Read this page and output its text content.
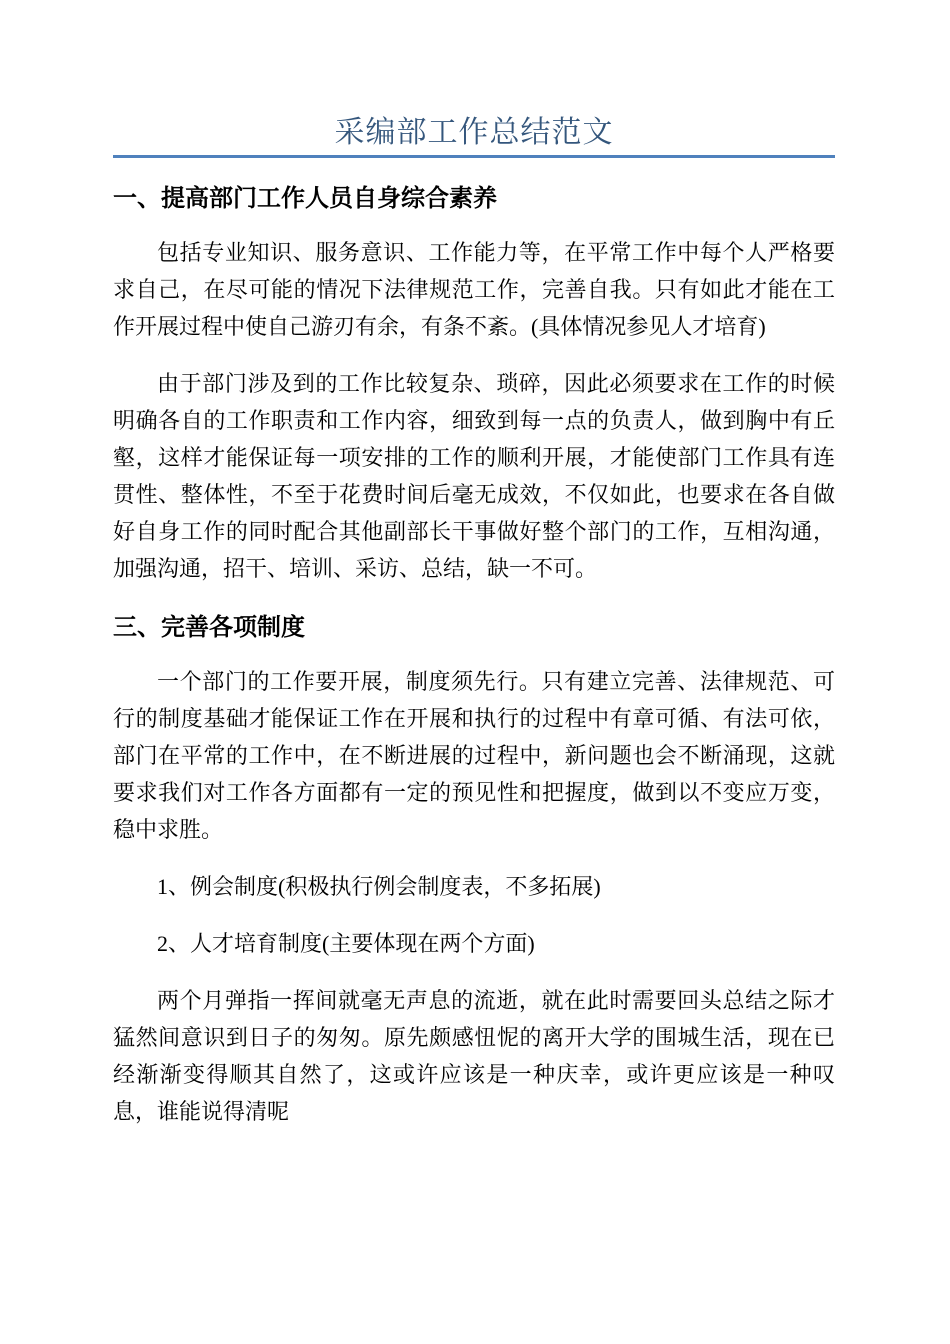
采编部工作总结范文
一、提高部门工作人员自身综合素养

包括专业知识、服务意识、工作能力等，在平常工作中每个人严格要求自己，在尽可能的情况下法律规范工作，完善自我。只有如此才能在工作开展过程中使自己游刃有余，有条不紊。(具体情况参见人才培育)

由于部门涉及到的工作比较复杂、琐碎，因此必须要求在工作的时候明确各自的工作职责和工作内容，细致到每一点的负责人，做到胸中有丘壑，这样才能保证每一项安排的工作的顺利开展，才能使部门工作具有连贯性、整体性，不至于花费时间后毫无成效，不仅如此，也要求在各自做好自身工作的同时配合其他副部长干事做好整个部门的工作，互相沟通，加强沟通，招干、培训、采访、总结，缺一不可。

三、完善各项制度

一个部门的工作要开展，制度须先行。只有建立完善、法律规范、可行的制度基础才能保证工作在开展和执行的过程中有章可循、有法可依，部门在平常的工作中，在不断进展的过程中，新问题也会不断涌现，这就要求我们对工作各方面都有一定的预见性和把握度，做到以不变应万变，稳中求胜。

1、例会制度(积极执行例会制度表，不多拓展)

2、人才培育制度(主要体现在两个方面)

两个月弹指一挥间就毫无声息的流逝，就在此时需要回头总结之际才猛然间意识到日子的匆匆。原先颇感忸怩的离开大学的围城生活，现在已经渐渐变得顺其自然了，这或许应该是一种庆幸，或许更应该是一种叹息，谁能说得清呢
